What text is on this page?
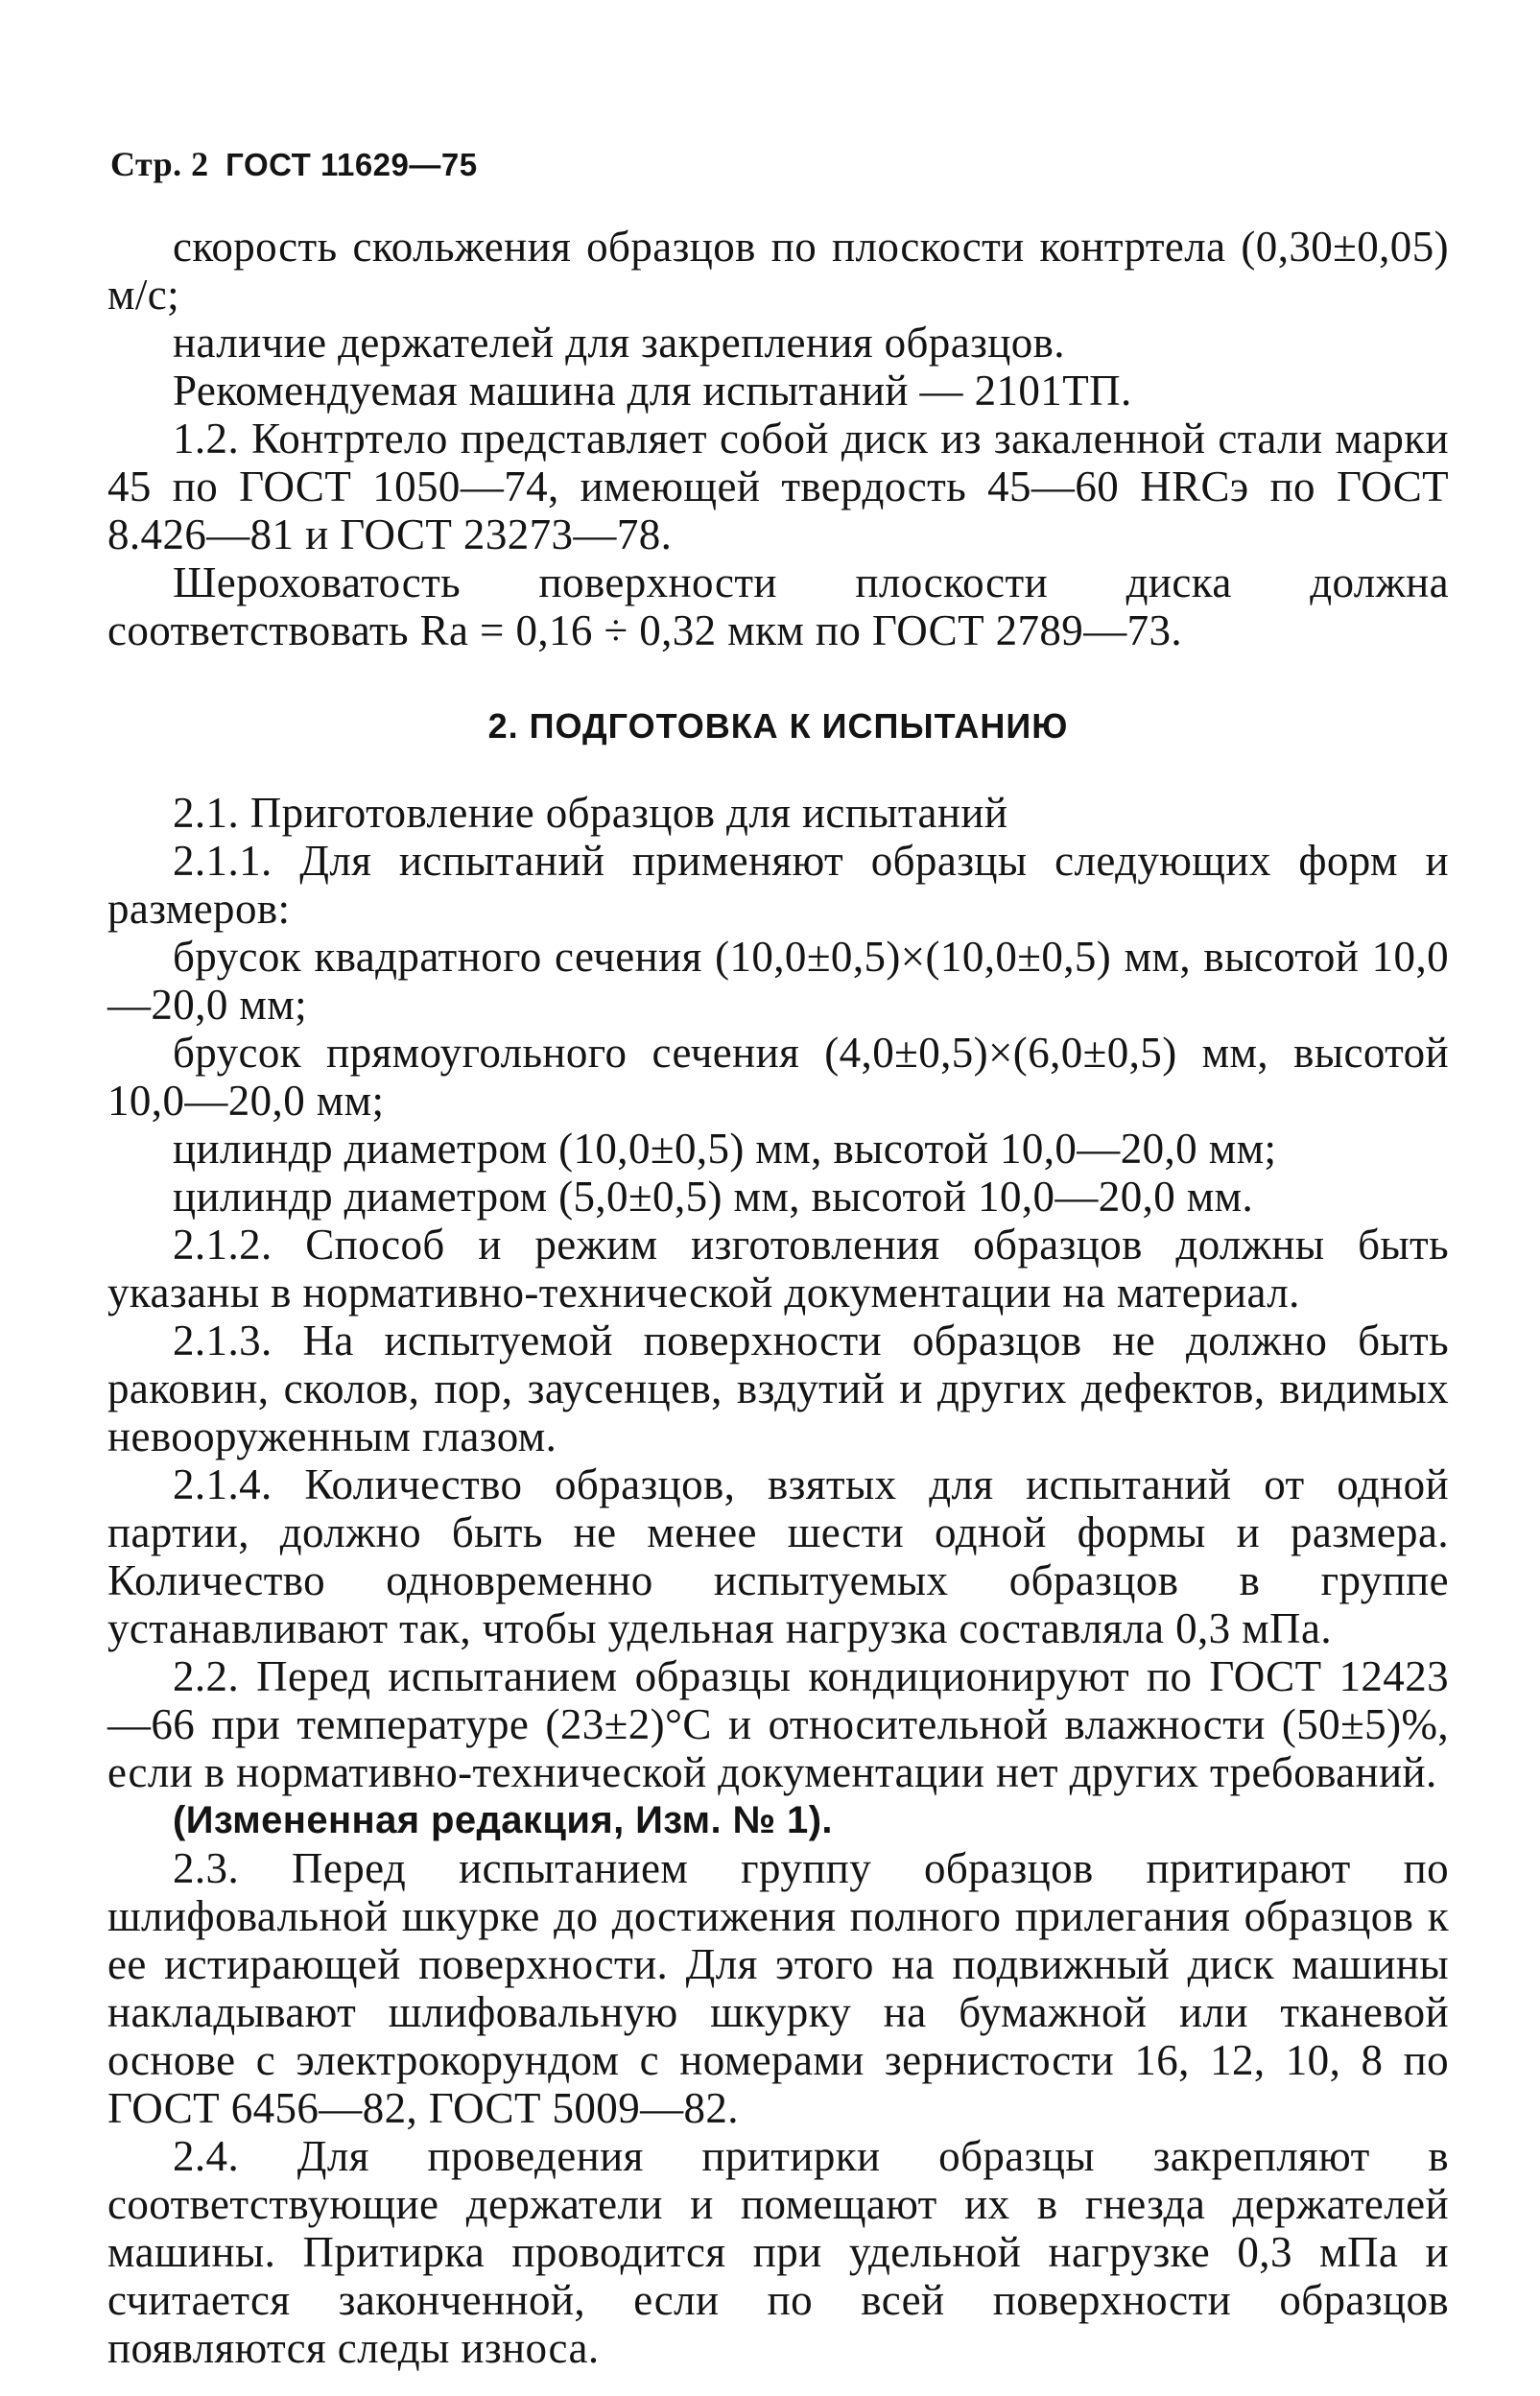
Стр. 2 ГОСТ 11629—75

скорость скольжения образцов по плоскости контртела (0,30±0,05) м/с;

наличие держателей для закрепления образцов.

Рекомендуемая машина для испытаний — 2101ТП.

1.2. Контртело представляет собой диск из закаленной стали марки 45 по ГОСТ 1050—74, имеющей твердость 45—60 HRCэ по ГОСТ 8.426—81 и ГОСТ 23273—78.

Шероховатость поверхности плоскости диска должна соответствовать Rа = 0,16 ÷ 0,32 мкм по ГОСТ 2789—73.

2. ПОДГОТОВКА К ИСПЫТАНИЮ

2.1. Приготовление образцов для испытаний

2.1.1. Для испытаний применяют образцы следующих форм и размеров:

брусок квадратного сечения (10,0±0,5)×(10,0±0,5) мм, высотой 10,0—20,0 мм;

брусок прямоугольного сечения (4,0±0,5)×(6,0±0,5) мм, высотой 10,0—20,0 мм;

цилиндр диаметром (10,0±0,5) мм, высотой 10,0—20,0 мм;

цилиндр диаметром (5,0±0,5) мм, высотой 10,0—20,0 мм.

2.1.2. Способ и режим изготовления образцов должны быть указаны в нормативно-технической документации на материал.

2.1.3. На испытуемой поверхности образцов не должно быть раковин, сколов, пор, заусенцев, вздутий и других дефектов, видимых невооруженным глазом.

2.1.4. Количество образцов, взятых для испытаний от одной партии, должно быть не менее шести одной формы и размера. Количество одновременно испытуемых образцов в группе устанавливают так, чтобы удельная нагрузка составляла 0,3 мПа.

2.2. Перед испытанием образцы кондиционируют по ГОСТ 12423—66 при температуре (23±2)°С и относительной влажности (50±5)%, если в нормативно-технической документации нет других требований.

(Измененная редакция, Изм. № 1).

2.3. Перед испытанием группу образцов притирают по шлифовальной шкурке до достижения полного прилегания образцов к ее истирающей поверхности. Для этого на подвижный диск машины накладывают шлифовальную шкурку на бумажной или тканевой основе с электрокорундом с номерами зернистости 16, 12, 10, 8 по ГОСТ 6456—82, ГОСТ 5009—82.

2.4. Для проведения притирки образцы закрепляют в соответствующие держатели и помещают их в гнезда держателей машины. Притирка проводится при удельной нагрузке 0,3 мПа и считается законченной, если по всей поверхности образцов появляются следы износа.
